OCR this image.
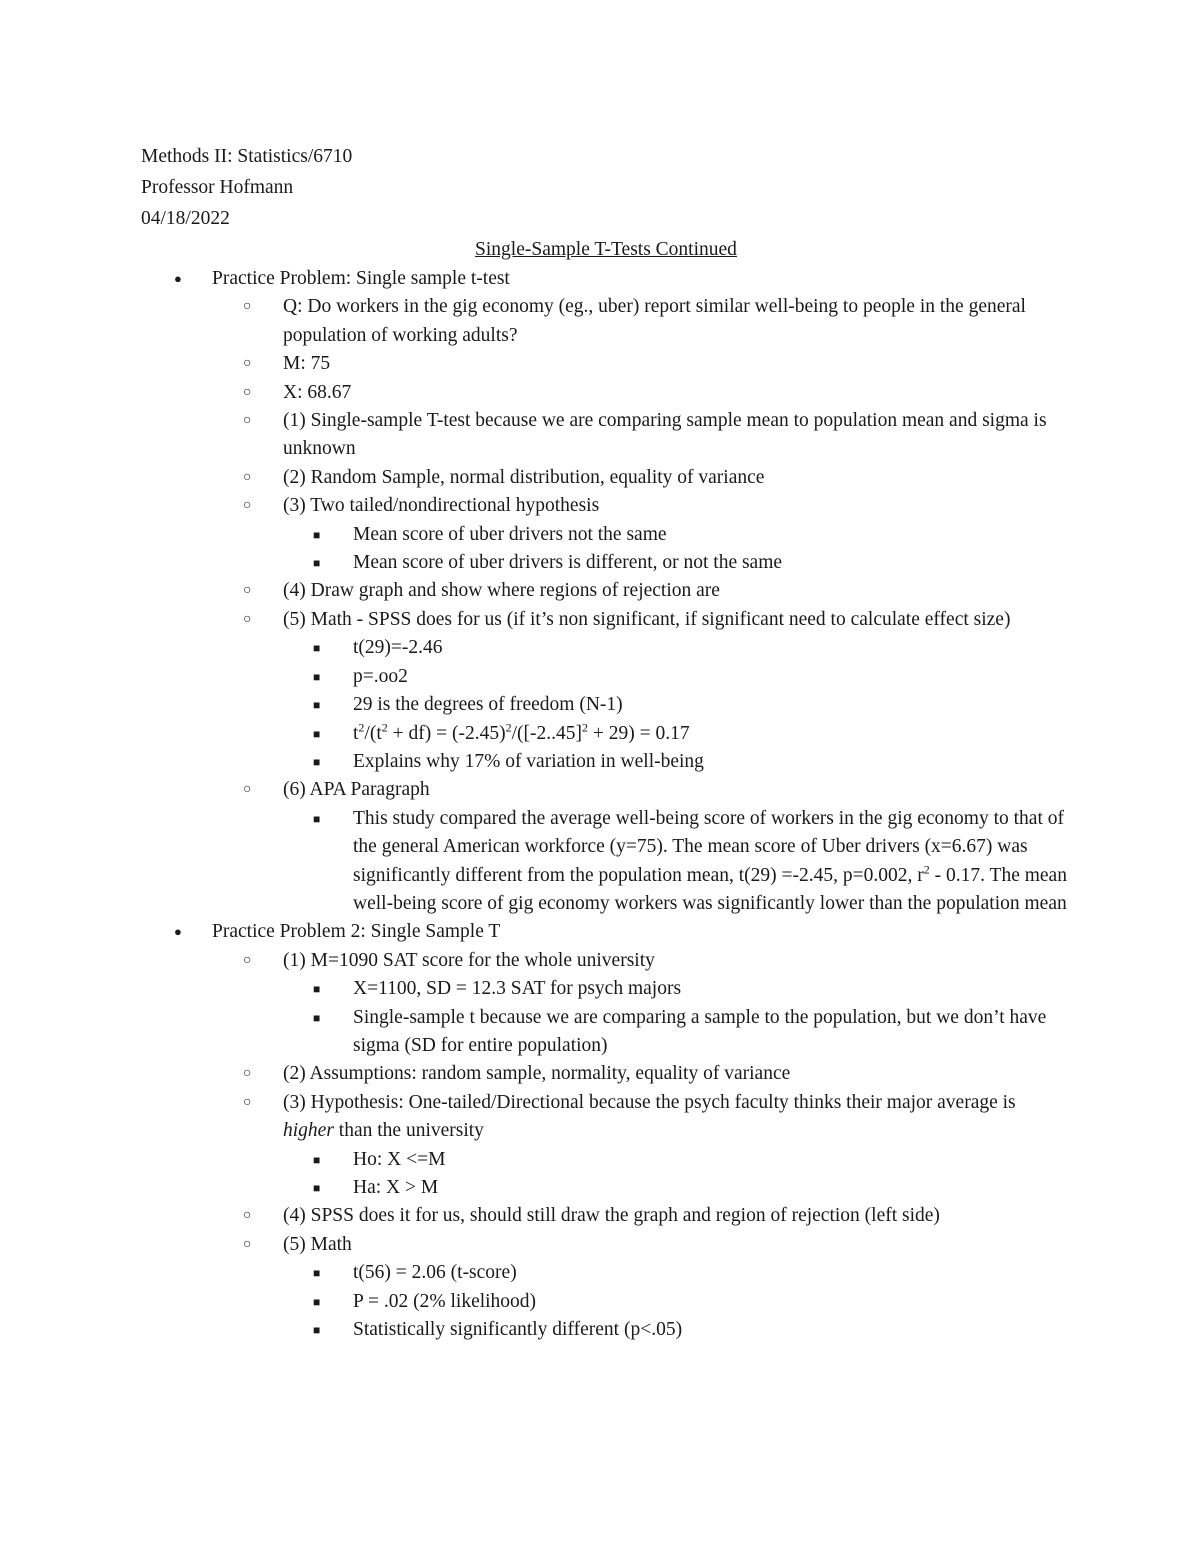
Methods II: Statistics/6710

Professor Hofmann

04/18/2022

Single-Sample T-Tests Continued

● Practice Problem: Single sample t-test
○ Q: Do workers in the gig economy (eg., uber) report similar well-being to people in the general population of working adults?
○ M: 75
○ X: 68.67
○ (1) Single-sample T-test because we are comparing sample mean to population mean and sigma is unknown
○ (2) Random Sample, normal distribution, equality of variance
○ (3) Two tailed/nondirectional hypothesis
■ Mean score of uber drivers not the same
■ Mean score of uber drivers is different, or not the same
○ (4) Draw graph and show where regions of rejection are
○ (5) Math - SPSS does for us (if it’s non significant, if significant need to calculate effect size)
■ t(29)=-2.46
■ p=.oo2
■ 29 is the degrees of freedom (N-1)
■ $t^2/(t^2 + df) = (-2.45)^2/([-2..45]^2 + 29) = 0.17$
■ Explains why 17% of variation in well-being
○ (6) APA Paragraph
■ This study compared the average well-being score of workers in the gig economy to that of the general American workforce (y=75). The mean score of Uber drivers (x=6.67) was significantly different from the population mean, t(29) =-2.45, p=0.002, $r^2 - 0.17$. The mean well-being score of gig economy workers was significantly lower than the population mean
● Practice Problem 2: Single Sample T
○ (1) M=1090 SAT score for the whole university
■ X=1100, SD = 12.3 SAT for psych majors
■ Single-sample t because we are comparing a sample to the population, but we don’t have sigma (SD for entire population)
○ (2) Assumptions: random sample, normality, equality of variance
○ (3) Hypothesis: One-tailed/Directional because the psych faculty thinks their major average is higher than the university
■ Ho: X <=M
■ Ha: X > M
○ (4) SPSS does it for us, should still draw the graph and region of rejection (left side)
○ (5) Math
■ t(56) = 2.06 (t-score)
■ P = .02 (2% likelihood)
■ Statistically significantly different (p<.05)
